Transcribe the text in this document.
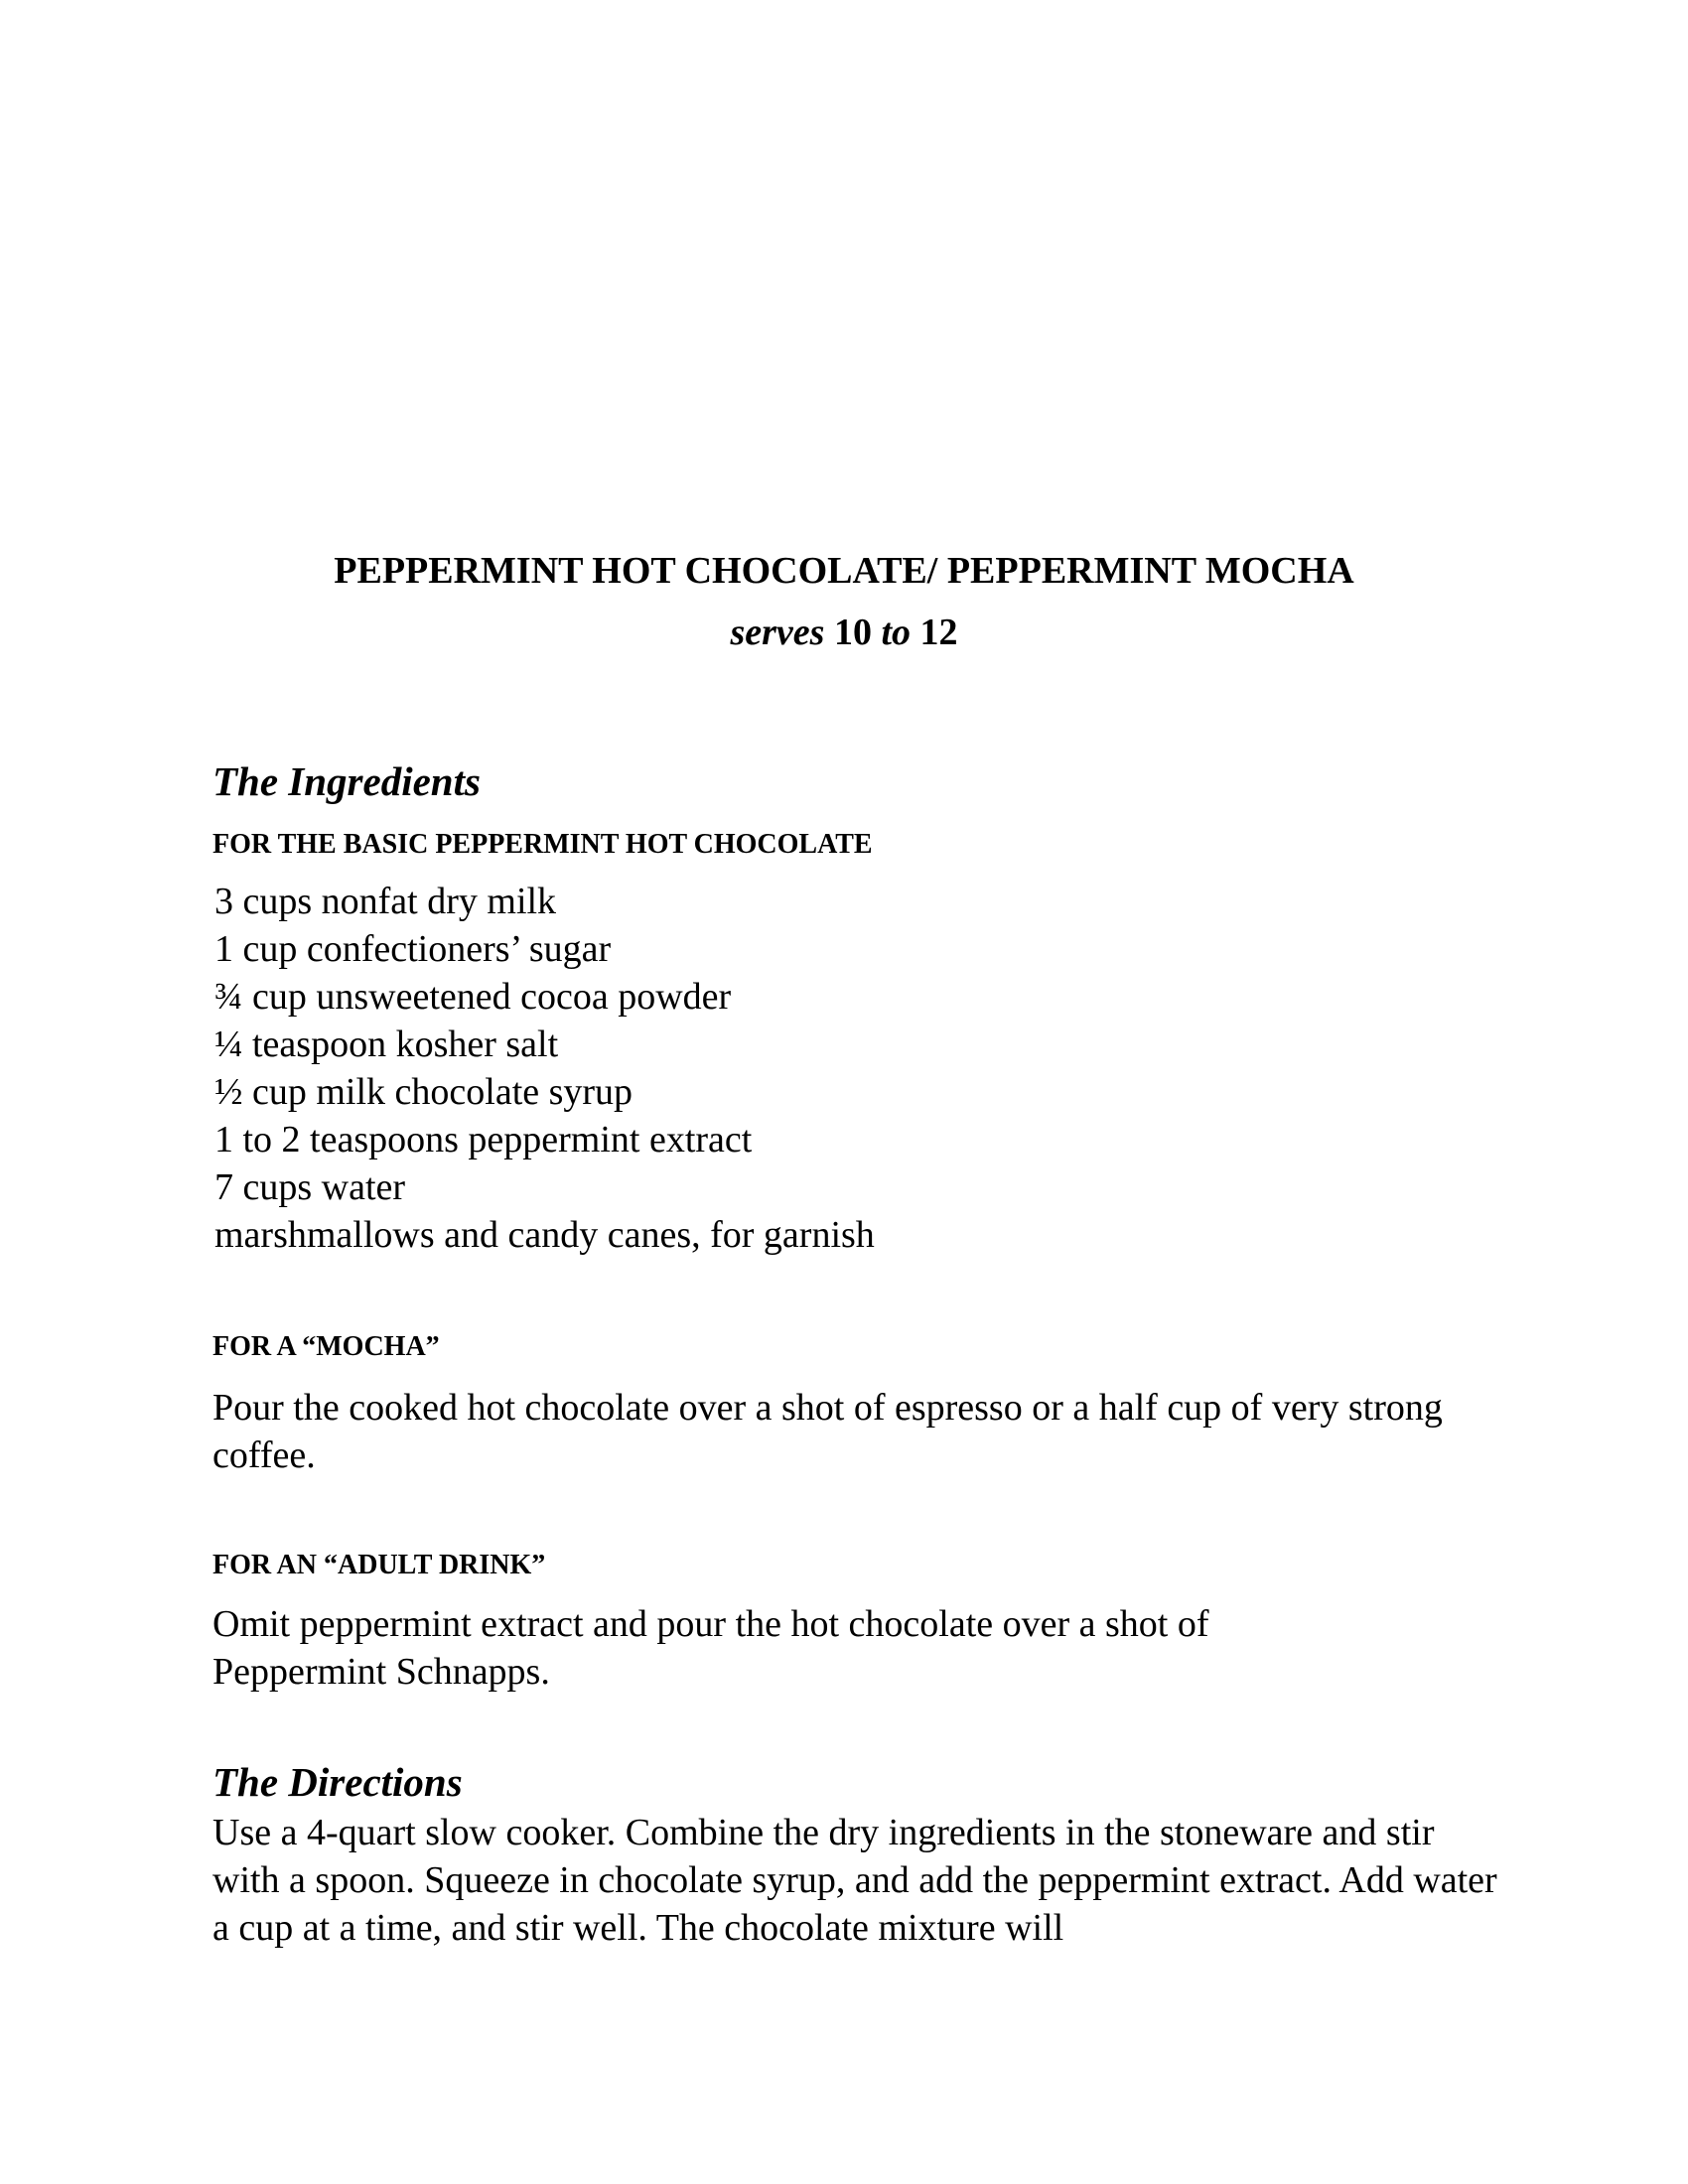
PEPPERMINT HOT CHOCOLATE/ PEPPERMINT MOCHA
serves 10 to 12
The Ingredients
FOR THE BASIC PEPPERMINT HOT CHOCOLATE
3 cups nonfat dry milk
1 cup confectioners’ sugar
¾ cup unsweetened cocoa powder
¼ teaspoon kosher salt
½ cup milk chocolate syrup
1 to 2 teaspoons peppermint extract
7 cups water
marshmallows and candy canes, for garnish
FOR A “MOCHA”

Pour the cooked hot chocolate over a shot of espresso or a half cup of very strong coffee.

FOR AN “ADULT DRINK”

Omit peppermint extract and pour the hot chocolate over a shot of Peppermint Schnapps.

The Directions

Use a 4-quart slow cooker. Combine the dry ingredients in the stoneware and stir with a spoon. Squeeze in chocolate syrup, and add the peppermint extract. Add water a cup at a time, and stir well. The chocolate mixture will
